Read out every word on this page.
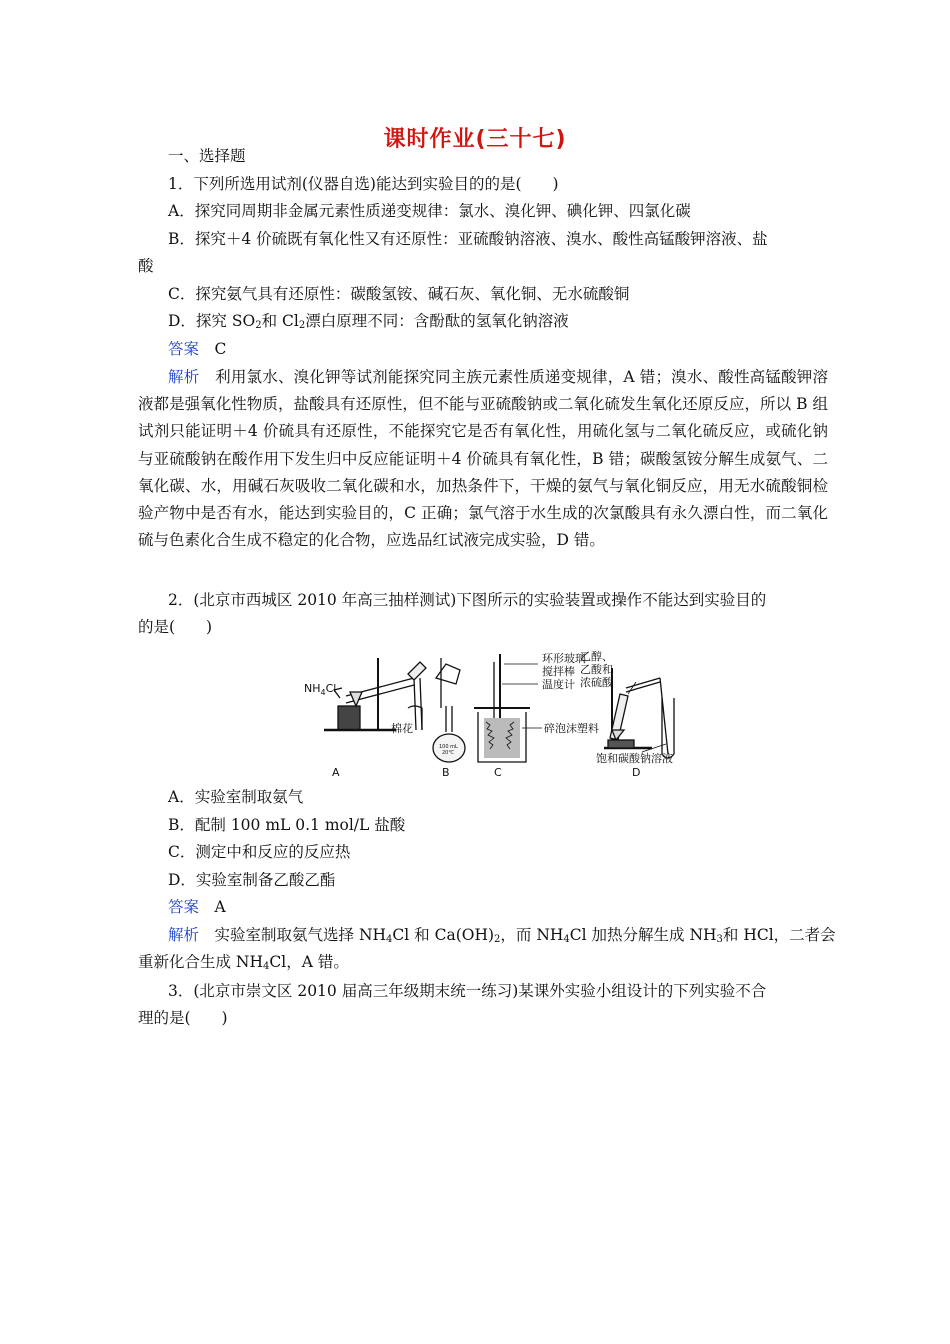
课时作业(三十七)
一、选择题
1．下列所选用试剂(仪器自选)能达到实验目的的是(　　)
A．探究同周期非金属元素性质递变规律：氯水、溴化钾、碘化钾、四氯化碳
B．探究＋4 价硫既有氧化性又有还原性：亚硫酸钠溶液、溴水、酸性高锰酸钾溶液、盐
酸
C．探究氨气具有还原性：碳酸氢铵、碱石灰、氧化铜、无水硫酸铜
D．探究 $SO_2$和 $Cl_2$漂白原理不同：含酚酞的氢氧化钠溶液
答案　 C
解析　 利用氯水、溴化钾等试剂能探究同主族元素性质递变规律，A 错；溴水、酸性高锰酸钾溶液都是强氧化性物质，盐酸具有还原性，但不能与亚硫酸钠或二氧化硫发生氧化还原反应，所以 B 组试剂只能证明＋4 价硫具有还原性，不能探究它是否有氧化性，用硫化氢与二氧化硫反应，或硫化钠与亚硫酸钠在酸作用下发生归中反应能证明＋4 价硫具有氧化性，B 错；碳酸氢铵分解生成氨气、二氧化碳、水，用碱石灰吸收二氧化碳和水，加热条件下，干燥的氨气与氧化铜反应，用无水硫酸铜检验产物中是否有水，能达到实验目的，C 正确；氯气溶于水生成的次氯酸具有永久漂白性，而二氧化硫与色素化合生成不稳定的化合物，应选品红试液完成实验，D 错。
2．(北京市西城区 2010 年高三抽样测试)下图所示的实验装置或操作不能达到实验目的
的是(　　)
$NH_4Cl$
棉花
A
100 mL
20℃
B
环形玻璃
搅拌棒
温度计
碎泡沫塑料
C
乙醇、
乙酸和
浓硫酸
饱和碳酸钠溶液
D
A．实验室制取氨气
B．配制 100 mL 0.1 mol/L 盐酸
C．测定中和反应的反应热
D．实验室制备乙酸乙酯
答案　 A
解析　 实验室制取氨气选择 $NH_4Cl$ 和 $Ca(OH)_2$，而 $NH_4Cl$ 加热分解生成 $NH_3$和 HCl，二者会
重新化合生成 $NH_4Cl$，A 错。
3．(北京市崇文区 2010 届高三年级期末统一练习)某课外实验小组设计的下列实验不合
理的是(　　)
